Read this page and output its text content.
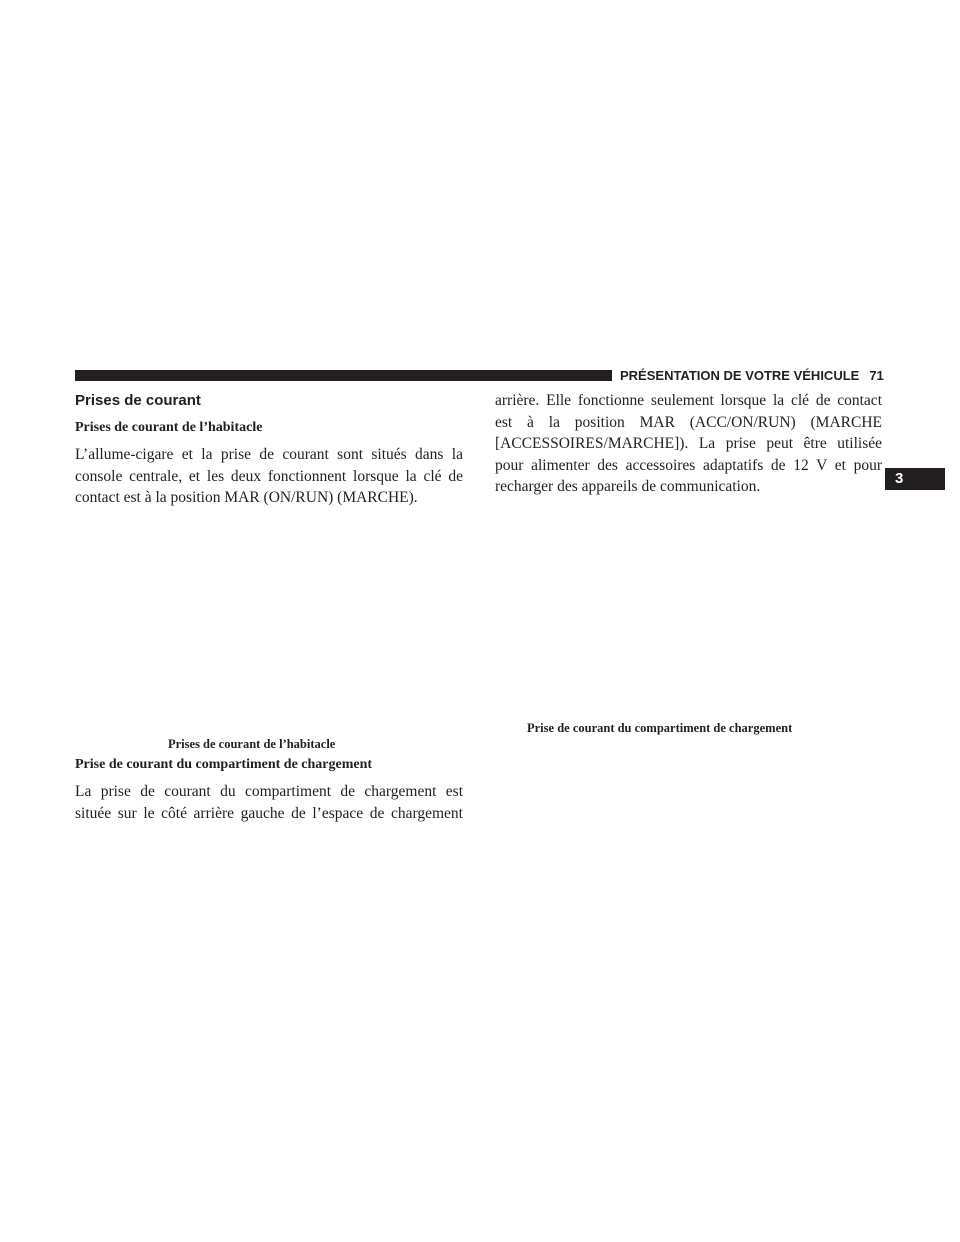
PRÉSENTATION DE VOTRE VÉHICULE 71
3
Prises de courant
Prises de courant de l’habitacle
L’allume-cigare et la prise de courant sont situés dans la
console centrale, et les deux fonctionnent lorsque la clé de
contact est à la position MAR (ON/RUN) (MARCHE).

Prises de courant de l’habitacle

Prise de courant du compartiment de chargement
La prise de courant du compartiment de chargement est
située sur le côté arrière gauche de l’espace de chargement
arrière. Elle fonctionne seulement lorsque la clé de contact
est à la position MAR (ACC/ON/RUN) (MARCHE
[ACCESSOIRES/MARCHE]). La prise peut être utilisée
pour alimenter des accessoires adaptatifs de 12 V et pour
recharger des appareils de communication.

Prise de courant du compartiment de chargement
